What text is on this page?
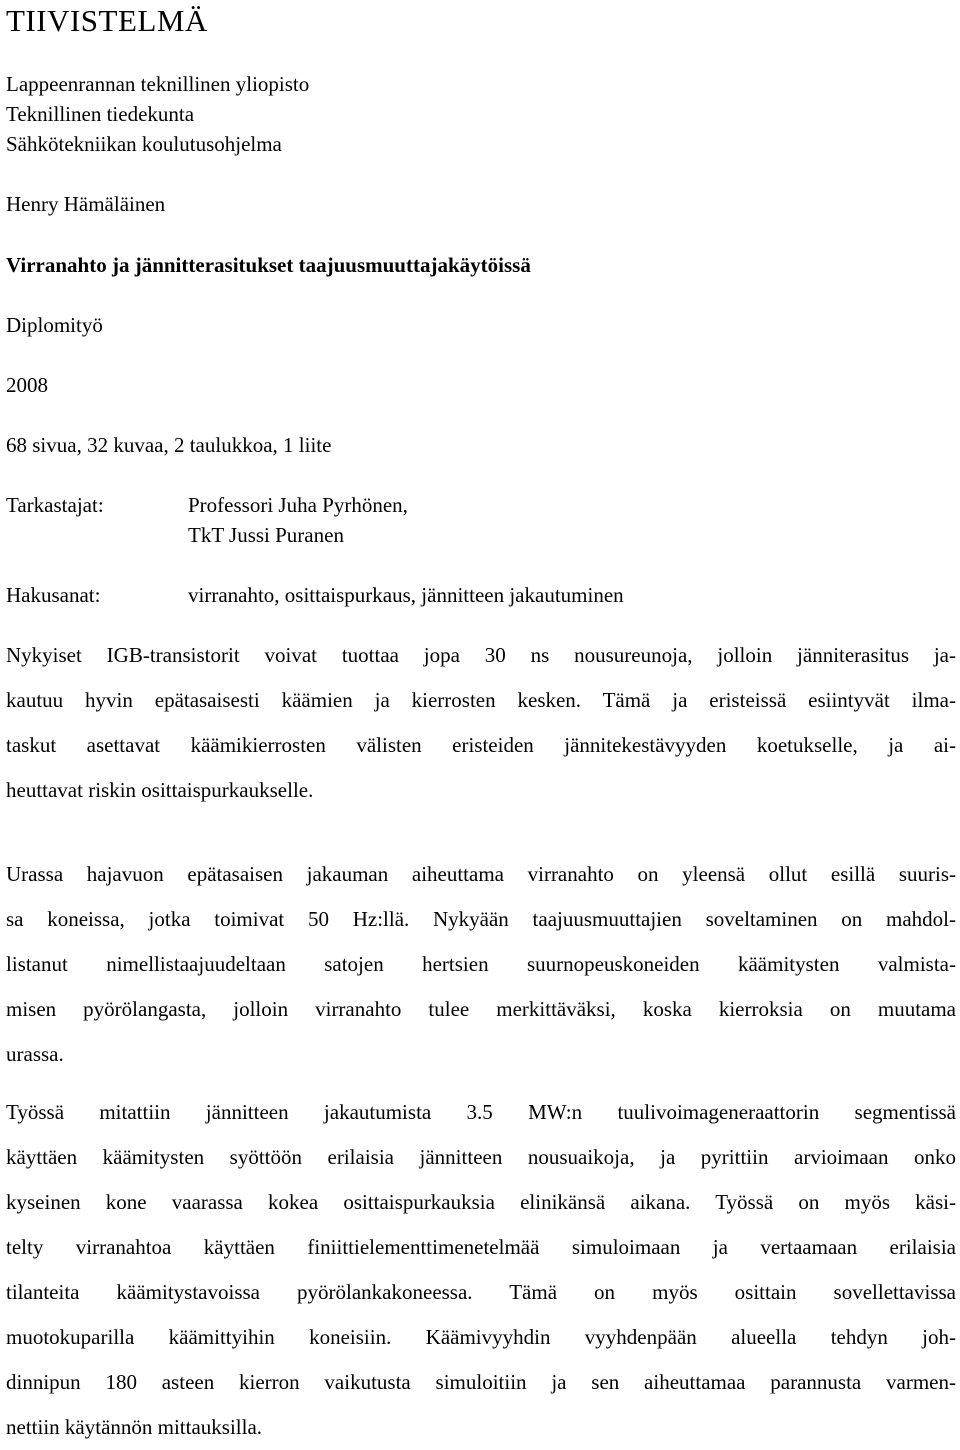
TIIVISTELMÄ

Lappeenrannan teknillinen yliopisto

Teknillinen tiedekunta

Sähkötekniikan koulutusohjelma

Henry Hämäläinen

Virranahto ja jännitterasitukset taajuusmuuttajakäytöissä

Diplomityö

2008

68 sivua, 32 kuvaa, 2 taulukkoa, 1 liite

Tarkastajat:	Professori Juha Pyrhönen,
TkT Jussi Puranen
Hakusanat:	virranahto, osittaispurkaus, jännitteen jakautuminen

Nykyiset IGB-transistorit voivat tuottaa jopa 30 ns nousureunoja, jolloin jänniterasitus ja-
kautuu hyvin epätasaisesti käämien ja kierrosten kesken. Tämä ja eristeissä esiintyvät ilma-
taskut asettavat käämikierrosten välisten eristeiden jännitekestävyyden koetukselle, ja ai-
heuttavat riskin osittaispurkaukselle.

Urassa hajavuon epätasaisen jakauman aiheuttama virranahto on yleensä ollut esillä suuris-
sa koneissa, jotka toimivat 50 Hz:llä. Nykyään taajuusmuuttajien soveltaminen on mahdol-
listanut nimellistaajuudeltaan satojen hertsien suurnopeuskoneiden käämitysten valmista-
misen pyörölangasta, jolloin virranahto tulee merkittäväksi, koska kierroksia on muutama
urassa.

Työssä mitattiin jännitteen jakautumista 3.5 MW:n tuulivoimageneraattorin segmentissä
käyttäen käämitysten syöttöön erilaisia jännitteen nousuaikoja, ja pyrittiin arvioimaan onko
kyseinen kone vaarassa kokea osittaispurkauksia elinikänsä aikana. Työssä on myös käsi-
telty virranahtoa käyttäen finiittielementtimenetelmää simuloimaan ja vertaamaan erilaisia
tilanteita käämitystavoissa pyörölankakoneessa. Tämä on myös osittain sovellettavissa
muotokuparilla käämittyihin koneisiin. Käämivyyhdin vyyhdenpään alueella tehdyn joh-
dinnipun 180 asteen kierron vaikutusta simuloitiin ja sen aiheuttamaa parannusta varmen-
nettiin käytännön mittauksilla.
